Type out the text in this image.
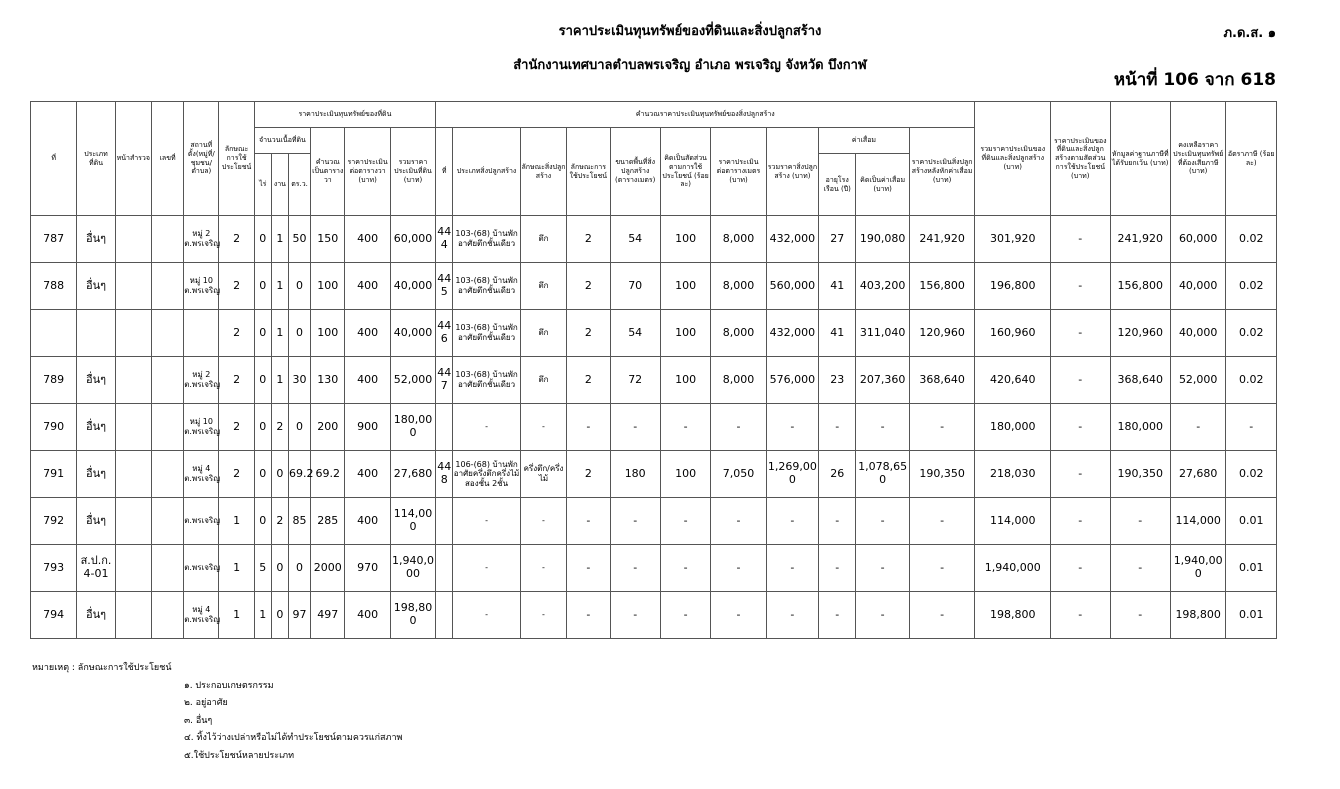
ราคาประเมินทุนทรัพย์ของที่ดินและสิ่งปลูกสร้าง
สำนักงานเทศบาลตำบลพรเจริญ อำเภอ พรเจริญ จังหวัด บึงกาฬ
ภ.ด.ส. ๑
หน้าที่ 106 จาก 618
ที่	ประเภทที่ดิน	หน้าสำรวจ	เลขที่	สถานที่ตั้ง(หมู่ที่/ชุมชน/ตำบล)	ลักษณะการใช้ประโยชน์	ราคาประเมินทุนทรัพย์ของที่ดิน						คำนวณราคาประเมินทุนทรัพย์ของสิ่งปลูกสร้าง											รวมราคาประเมินของที่ดินและสิ่งปลูกสร้าง (บาท)	ราคาประเมินของที่ดินและสิ่งปลูกสร้างตามสัดส่วนการใช้ประโยชน์ (บาท)	หักมูลค่าฐานภาษีที่ได้รับยกเว้น (บาท)	คงเหลือราคาประเมินทุนทรัพย์ที่ต้องเสียภาษี (บาท)	อัตราภาษี (ร้อยละ)
						จำนวนเนื้อที่ดิน			คำนวณเป็นตารางวา	ราคาประเมินต่อตารางวา (บาท)	รวมราคาประเมินที่ดิน (บาท)	ที่	ประเภทสิ่งปลูกสร้าง	ลักษณะสิ่งปลูกสร้าง	ลักษณะการใช้ประโยชน์	ขนาดพื้นที่สิ่งปลูกสร้าง (ตารางเมตร)	คิดเป็นสัดส่วนตามการใช้ประโยชน์ (ร้อยละ)	ราคาประเมินต่อตารางเมตร (บาท)	รวมราคาสิ่งปลูกสร้าง (บาท)	ค่าเสื่อม		ราคาประเมินสิ่งปลูกสร้างหลังหักค่าเสื่อม (บาท)					
						ไร่	งาน	ตร.ว.												อายุโรงเรือน (ปี)	คิดเป็นค่าเสื่อม (บาท)						
787	อื่นๆ			หมู่ 2 ต.พรเจริญ	2	0	1	50	150	400	60,000	444	103-(68) บ้านพักอาศัยตึกชั้นเดียว	ตึก	2	54	100	8,000	432,000	27	190,080	241,920	301,920	-	241,920	60,000	0.02
788	อื่นๆ			หมู่ 10 ต.พรเจริญ	2	0	1	0	100	400	40,000	445	103-(68) บ้านพักอาศัยตึกชั้นเดียว	ตึก	2	70	100	8,000	560,000	41	403,200	156,800	196,800	-	156,800	40,000	0.02
					2	0	1	0	100	400	40,000	446	103-(68) บ้านพักอาศัยตึกชั้นเดียว	ตึก	2	54	100	8,000	432,000	41	311,040	120,960	160,960	-	120,960	40,000	0.02
789	อื่นๆ			หมู่ 2 ต.พรเจริญ	2	0	1	30	130	400	52,000	447	103-(68) บ้านพักอาศัยตึกชั้นเดียว	ตึก	2	72	100	8,000	576,000	23	207,360	368,640	420,640	-	368,640	52,000	0.02
790	อื่นๆ			หมู่ 10 ต.พรเจริญ	2	0	2	0	200	900	180,000		-	-	-	-	-	-	-	-	-	-	180,000	-	180,000	-	-
791	อื่นๆ			หมู่ 4 ต.พรเจริญ	2	0	0	69.2	69.2	400	27,680	448	106-(68) บ้านพักอาศัยครึ่งตึกครึ่งไม้สองชั้น 2ชั้น	ครึ่งตึก/ครึ่งไม้	2	180	100	7,050	1,269,000	26	1,078,650	190,350	218,030	-	190,350	27,680	0.02
792	อื่นๆ			ต.พรเจริญ	1	0	2	85	285	400	114,000		-	-	-	-	-	-	-	-	-	-	114,000	-	-	114,000	0.01
793	ส.ป.ก. 4-01			ต.พรเจริญ	1	5	0	0	2000	970	1,940,000		-	-	-	-	-	-	-	-	-	-	1,940,000	-	-	1,940,000	0.01
794	อื่นๆ			หมู่ 4 ต.พรเจริญ	1	1	0	97	497	400	198,800		-	-	-	-	-	-	-	-	-	-	198,800	-	-	198,800	0.01
หมายเหตุ : ลักษณะการใช้ประโยชน์
๑. ประกอบเกษตรกรรม
๒. อยู่อาศัย
๓. อื่นๆ
๔. ทิ้งไว้ว่างเปล่าหรือไม่ได้ทำประโยชน์ตามควรแก่สภาพ
๕.ใช้ประโยชน์หลายประเภท
